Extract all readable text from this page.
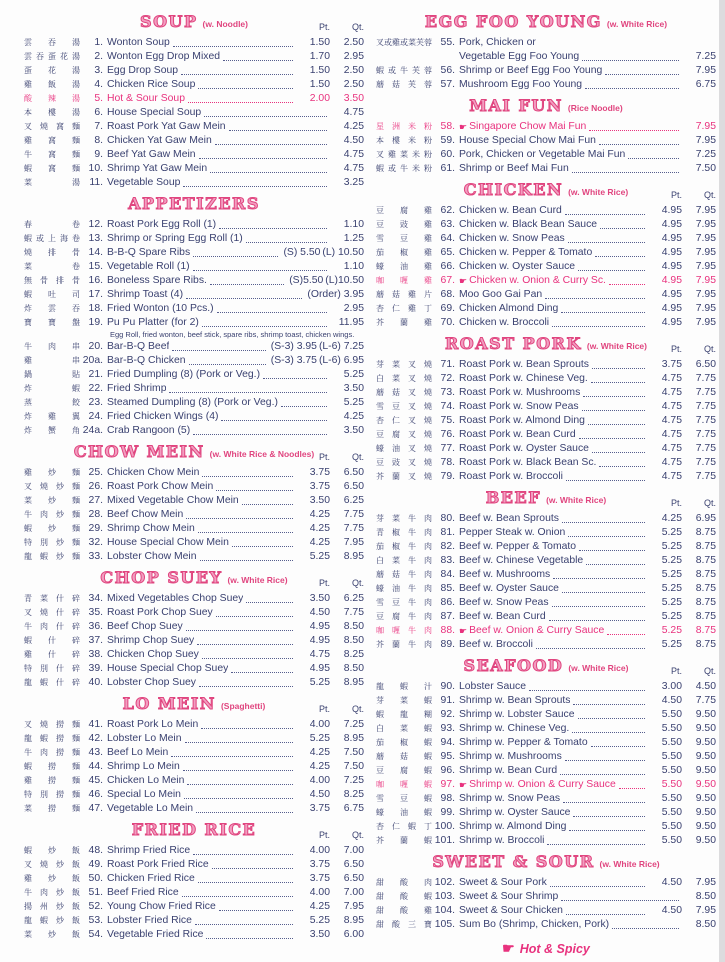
SOUP (w. Noodle)	Pt.	Qt.
雲吞湯	1. Wonton Soup	1.50	2.50
雲吞蛋花湯	2. Wonton Egg Drop Mixed	1.70	2.95
蛋花湯	3. Egg Drop Soup	1.50	2.50
雞飯湯	4. Chicken Rice Soup	1.50	2.50
酸辣湯	5. Hot & Sour Soup	2.00	3.50
本樓湯	6. House Special Soup	4.75
叉燒窩麵	7. Roast Pork Yat Gaw Mein	4.25
雞窩麵	8. Chicken Yat Gaw Mein	4.50
牛窩麵	9. Beef Yat Gaw Mein	4.75
蝦窩麵 10. Shrimp Yat Gaw Mein	4.75
菜湯 11. Vegetable Soup	3.25
APPETIZERS
春卷 12. Roast Pork Egg Roll (1)	1.10
蝦或上海卷 13. Shrimp or Spring Egg Roll (1)	1.25
燒排骨 14. B-B-Q Spare Ribs	(S) 5.50 (L) 10.50
菜卷 15. Vegetable Roll (1)	1.10
無骨排骨 16. Boneless Spare Ribs.	(S)5.50 (L)10.50
蝦吐司 17. Shrimp Toast (4)	(Order) 3.95
炸雲吞 18. Fried Wonton (10 Pcs.)	2.95
寶寶盤 19. Pu Pu Platter (for 2)	11.95
Egg Roll, fried wonton, beef stick, spare ribs, shrimp toast, chicken wings.
牛肉串 20. Bar-B-Q Beef	(S-3) 3.95 (L-6) 7.25
雞串 20a. Bar-B-Q Chicken	(S-3) 3.75 (L-6) 6.95
鍋貼 21. Fried Dumpling (8) (Pork or Veg.)	5.25
炸蝦 22. Fried Shrimp	3.50
蒸餃 23. Steamed Dumpling (8) (Pork or Veg.)	5.25
炸雞翼 24. Fried Chicken Wings (4)	4.25
炸蟹角 24a. Crab Rangoon (5)	3.50
CHOW MEIN (w. White Rice & Noodles) Pt.	Qt.
雞炒麵 25. Chicken Chow Mein	3.75	6.50
叉燒炒麵 26. Roast Pork Chow Mein	3.75	6.50
菜炒麵 27. Mixed Vegetable Chow Mein	3.50	6.25
牛肉炒麵 28. Beef Chow Mein	4.25	7.75
蝦炒麵 29. Shrimp Chow Mein	4.25	7.75
特別炒麵 32. House Special Chow Mein	4.25	7.95
龍蝦炒麵 33. Lobster Chow Mein	5.25	8.95
CHOP SUEY (w. White Rice)	Pt.	Qt.
青菜什碎 34. Mixed Vegetables Chop Suey	3.50	6.25
叉燒什碎 35. Roast Pork Chop Suey	4.50	7.75
牛肉什碎 36. Beef Chop Suey	4.95	8.50
蝦什碎 37. Shrimp Chop Suey	4.95	8.50
雞什碎 38. Chicken Chop Suey	4.75	8.25
特別什碎 39. House Special Chop Suey	4.95	8.50
龍蝦什碎 40. Lobster Chop Suey	5.25	8.95
LO MEIN (Spaghetti)	Pt.	Qt.
叉燒撈麵 41. Roast Pork Lo Mein	4.00	7.25
龍蝦撈麵 42. Lobster Lo Mein	5.25	8.95
牛肉撈麵 43. Beef Lo Mein	4.25	7.50
蝦撈麵 44. Shrimp Lo Mein	4.25	7.50
雞撈麵 45. Chicken Lo Mein	4.00	7.25
特別撈麵 46. Special Lo Mein	4.50	8.25
菜撈麵 47. Vegetable Lo Mein	3.75	6.75
FRIED RICE	Pt.	Qt.
蝦炒飯 48. Shrimp Fried Rice	4.00	7.00
叉燒炒飯 49. Roast Pork Fried Rice	3.75	6.50
雞炒飯 50. Chicken Fried Rice	3.75	6.50
牛肉炒飯 51. Beef Fried Rice	4.00	7.00
揚州炒飯 52. Young Chow Fried Rice	4.25	7.95
龍蝦炒飯 53. Lobster Fried Rice	5.25	8.95
菜炒飯 54. Vegetable Fried Rice	3.50	6.00
EGG FOO YOUNG (w. White Rice)
叉或雞或菜芙蓉 55. Pork, Chicken or
Vegetable Egg Foo Young	7.25
蝦或牛芙蓉 56. Shrimp or Beef Egg Foo Young	7.95
蘑菇芙蓉 57. Mushroom Egg Foo Young	6.75
MAI FUN (Rice Noodle)
星洲米粉 58. ☛ Singapore Chow Mai Fun	7.95
本樓米粉 59. House Special Chow Mai Fun	7.95
叉雞菜米粉 60. Pork, Chicken or Vegetable Mai Fun	7.25
蝦或牛米粉 61. Shrimp or Beef Mai Fun	7.50
CHICKEN (w. White Rice)	Pt.	Qt.
豆腐雞 62. Chicken w. Bean Curd	4.95	7.95
豆豉雞 63. Chicken w. Black Bean Sauce	4.95	7.95
雪豆雞 64. Chicken w. Snow Peas	4.95	7.95
茄椒雞 65. Chicken w. Pepper & Tomato	4.95	7.95
蠔油雞 66. Chicken w. Oyster Sauce	4.95	7.95
咖喱雞 67. ☛ Chicken w. Onion & Curry Sc.	4.95	7.95
蘑菇雞片 68. Moo Goo Gai Pan	4.95	7.95
杏仁雞丁 69. Chicken Almond Ding	4.95	7.95
芥蘭雞 70. Chicken w. Broccoli	4.95	7.95
ROAST PORK (w. White Rice)	Pt.	Qt.
芽菜叉燒 71. Roast Pork w. Bean Sprouts	3.75	6.50
白菜叉燒 72. Roast Pork w. Chinese Veg.	4.75	7.75
蘑菇叉燒 73. Roast Pork w. Mushrooms	4.75	7.75
雪豆叉燒 74. Roast Pork w. Snow Peas	4.75	7.75
杏仁叉燒 75. Roast Pork w. Almond Ding	4.75	7.75
豆腐叉燒 76. Roast Pork w. Bean Curd	4.75	7.75
蠔油叉燒 77. Roast Pork w. Oyster Sauce	4.75	7.75
豆豉叉燒 78. Roast Pork w. Black Bean Sc.	4.75	7.75
芥蘭叉燒 79. Roast Pork w. Broccoli	4.75	7.75
BEEF (w. White Rice)	Pt.	Qt.
芽菜牛肉 80. Beef w. Bean Sprouts	4.25	6.95
青椒牛肉 81. Pepper Steak w. Onion	5.25	8.75
茄椒牛肉 82. Beef w. Pepper & Tomato	5.25	8.75
白菜牛肉 83. Beef w. Chinese Vegetable	5.25	8.75
蘑菇牛肉 84. Beef w. Mushrooms	5.25	8.75
蠔油牛肉 85. Beef w. Oyster Sauce	5.25	8.75
雪豆牛肉 86. Beef w. Snow Peas	5.25	8.75
豆腐牛肉 87. Beef w. Bean Curd	5.25	8.75
咖喱牛肉 88. ☛ Beef w. Onion & Curry Sauce	5.25	8.75
芥蘭牛肉 89. Beef w. Broccoli	5.25	8.75
SEAFOOD (w. White Rice)	Pt.	Qt.
龍蝦汁 90. Lobster Sauce	3.00	4.50
芽菜蝦 91. Shrimp w. Bean Sprouts	4.50	7.75
蝦龍糊 92. Shrimp w. Lobster Sauce	5.50	9.50
白菜蝦 93. Shrimp w. Chinese Veg.	5.50	9.50
茄椒蝦 94. Shrimp w. Pepper & Tomato	5.50	9.50
蘑菇蝦 95. Shrimp w. Mushrooms	5.50	9.50
豆腐蝦 96. Shrimp w. Bean Curd	5.50	9.50
咖喱蝦 97. ☛ Shrimp w. Onion & Curry Sauce	5.50	9.50
雪豆蝦 98. Shrimp w. Snow Peas	5.50	9.50
蠔油蝦 99. Shrimp w. Oyster Sauce	5.50	9.50
杏仁蝦丁 100. Shrimp w. Almond Ding	5.50	9.50
芥蘭蝦 101. Shrimp w. Broccoli	5.50	9.50
SWEET & SOUR (w. White Rice)
甜酸肉 102. Sweet & Sour Pork	4.50	7.95
甜酸蝦 103. Sweet & Sour Shrimp	8.50
甜酸雞 104. Sweet & Sour Chicken	4.50	7.95
甜酸三寶 105. Sum Bo (Shrimp, Chicken, Pork)	8.50
☛ Hot & Spicy
